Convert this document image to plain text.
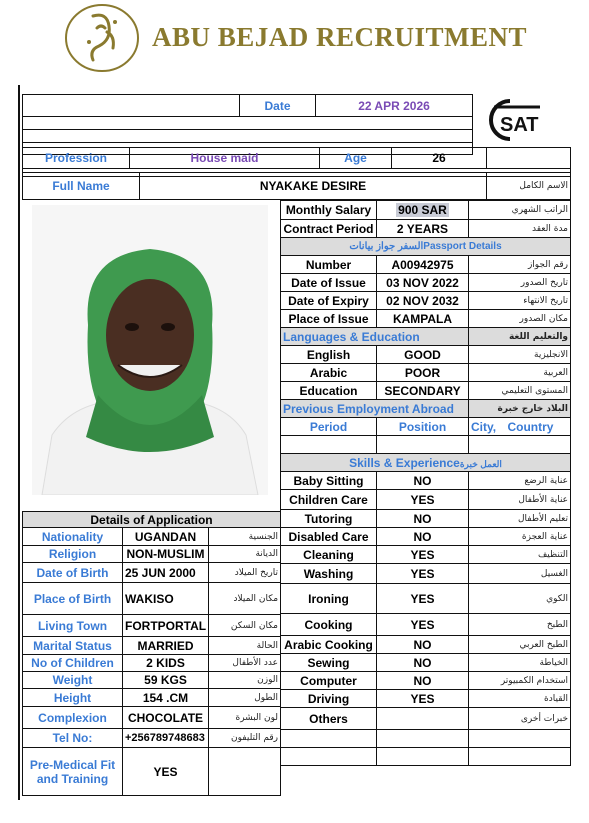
ABU BEJAD RECRUITMENT
	Date	22 APR 2026

SAT
Profession	House maid	Age	26	

Full Name	NYAKAKE DESIRE	الاسم الكامل
Monthly Salary	900 SAR	الراتب الشهري
Contract Period	2 YEARS	مدة العقد
السفر جواز بياناتPassport Details		
Number	A00942975	رقم الجواز
Date of Issue	03 NOV 2022	تاريخ الصدور
Date of Expiry	02 NOV 2032	تاريخ الانتهاء
Place of Issue	KAMPALA	مكان الصدور
Languages & Education		والتعليم اللغة
English	GOOD	الانجليزية
Arabic	POOR	العربية
Education	SECONDARY	المستوى التعليمي
Previous Employment Abroad		البلاد خارج خبرة
Period	Position	City, Country

Skills & Experienceالعمل خبرة		
Baby Sitting	NO	عناية الرضع
Children Care	YES	عناية الأطفال
Tutoring	NO	تعليم الأطفال
Disabled Care	NO	عناية العجزة
Cleaning	YES	التنظيف
Washing	YES	الغسيل
Ironing	YES	الكوي
Cooking	YES	الطبخ
Arabic Cooking	NO	الطبخ العربي
Sewing	NO	الخياطة
Computer	NO	استخدام الكمبيوتر
Driving	YES	القيادة
Others		خبرات أخرى

Details of Application		
Nationality	UGANDAN	الجنسية
Religion	NON-MUSLIM	الديانة
Date of Birth	25 JUN 2000	تاريخ الميلاد
Place of Birth	WAKISO	مكان الميلاد
Living Town	FORTPORTAL	مكان السكن
Marital Status	MARRIED	الحالة
No of Children	2 KIDS	عدد الأطفال
Weight	59 KGS	الوزن
Height	154 .CM	الطول
Complexion	CHOCOLATE	لون البشرة
Tel No:	+256789748683	رقم التليفون
Pre-Medical Fit
and Training	YES	
